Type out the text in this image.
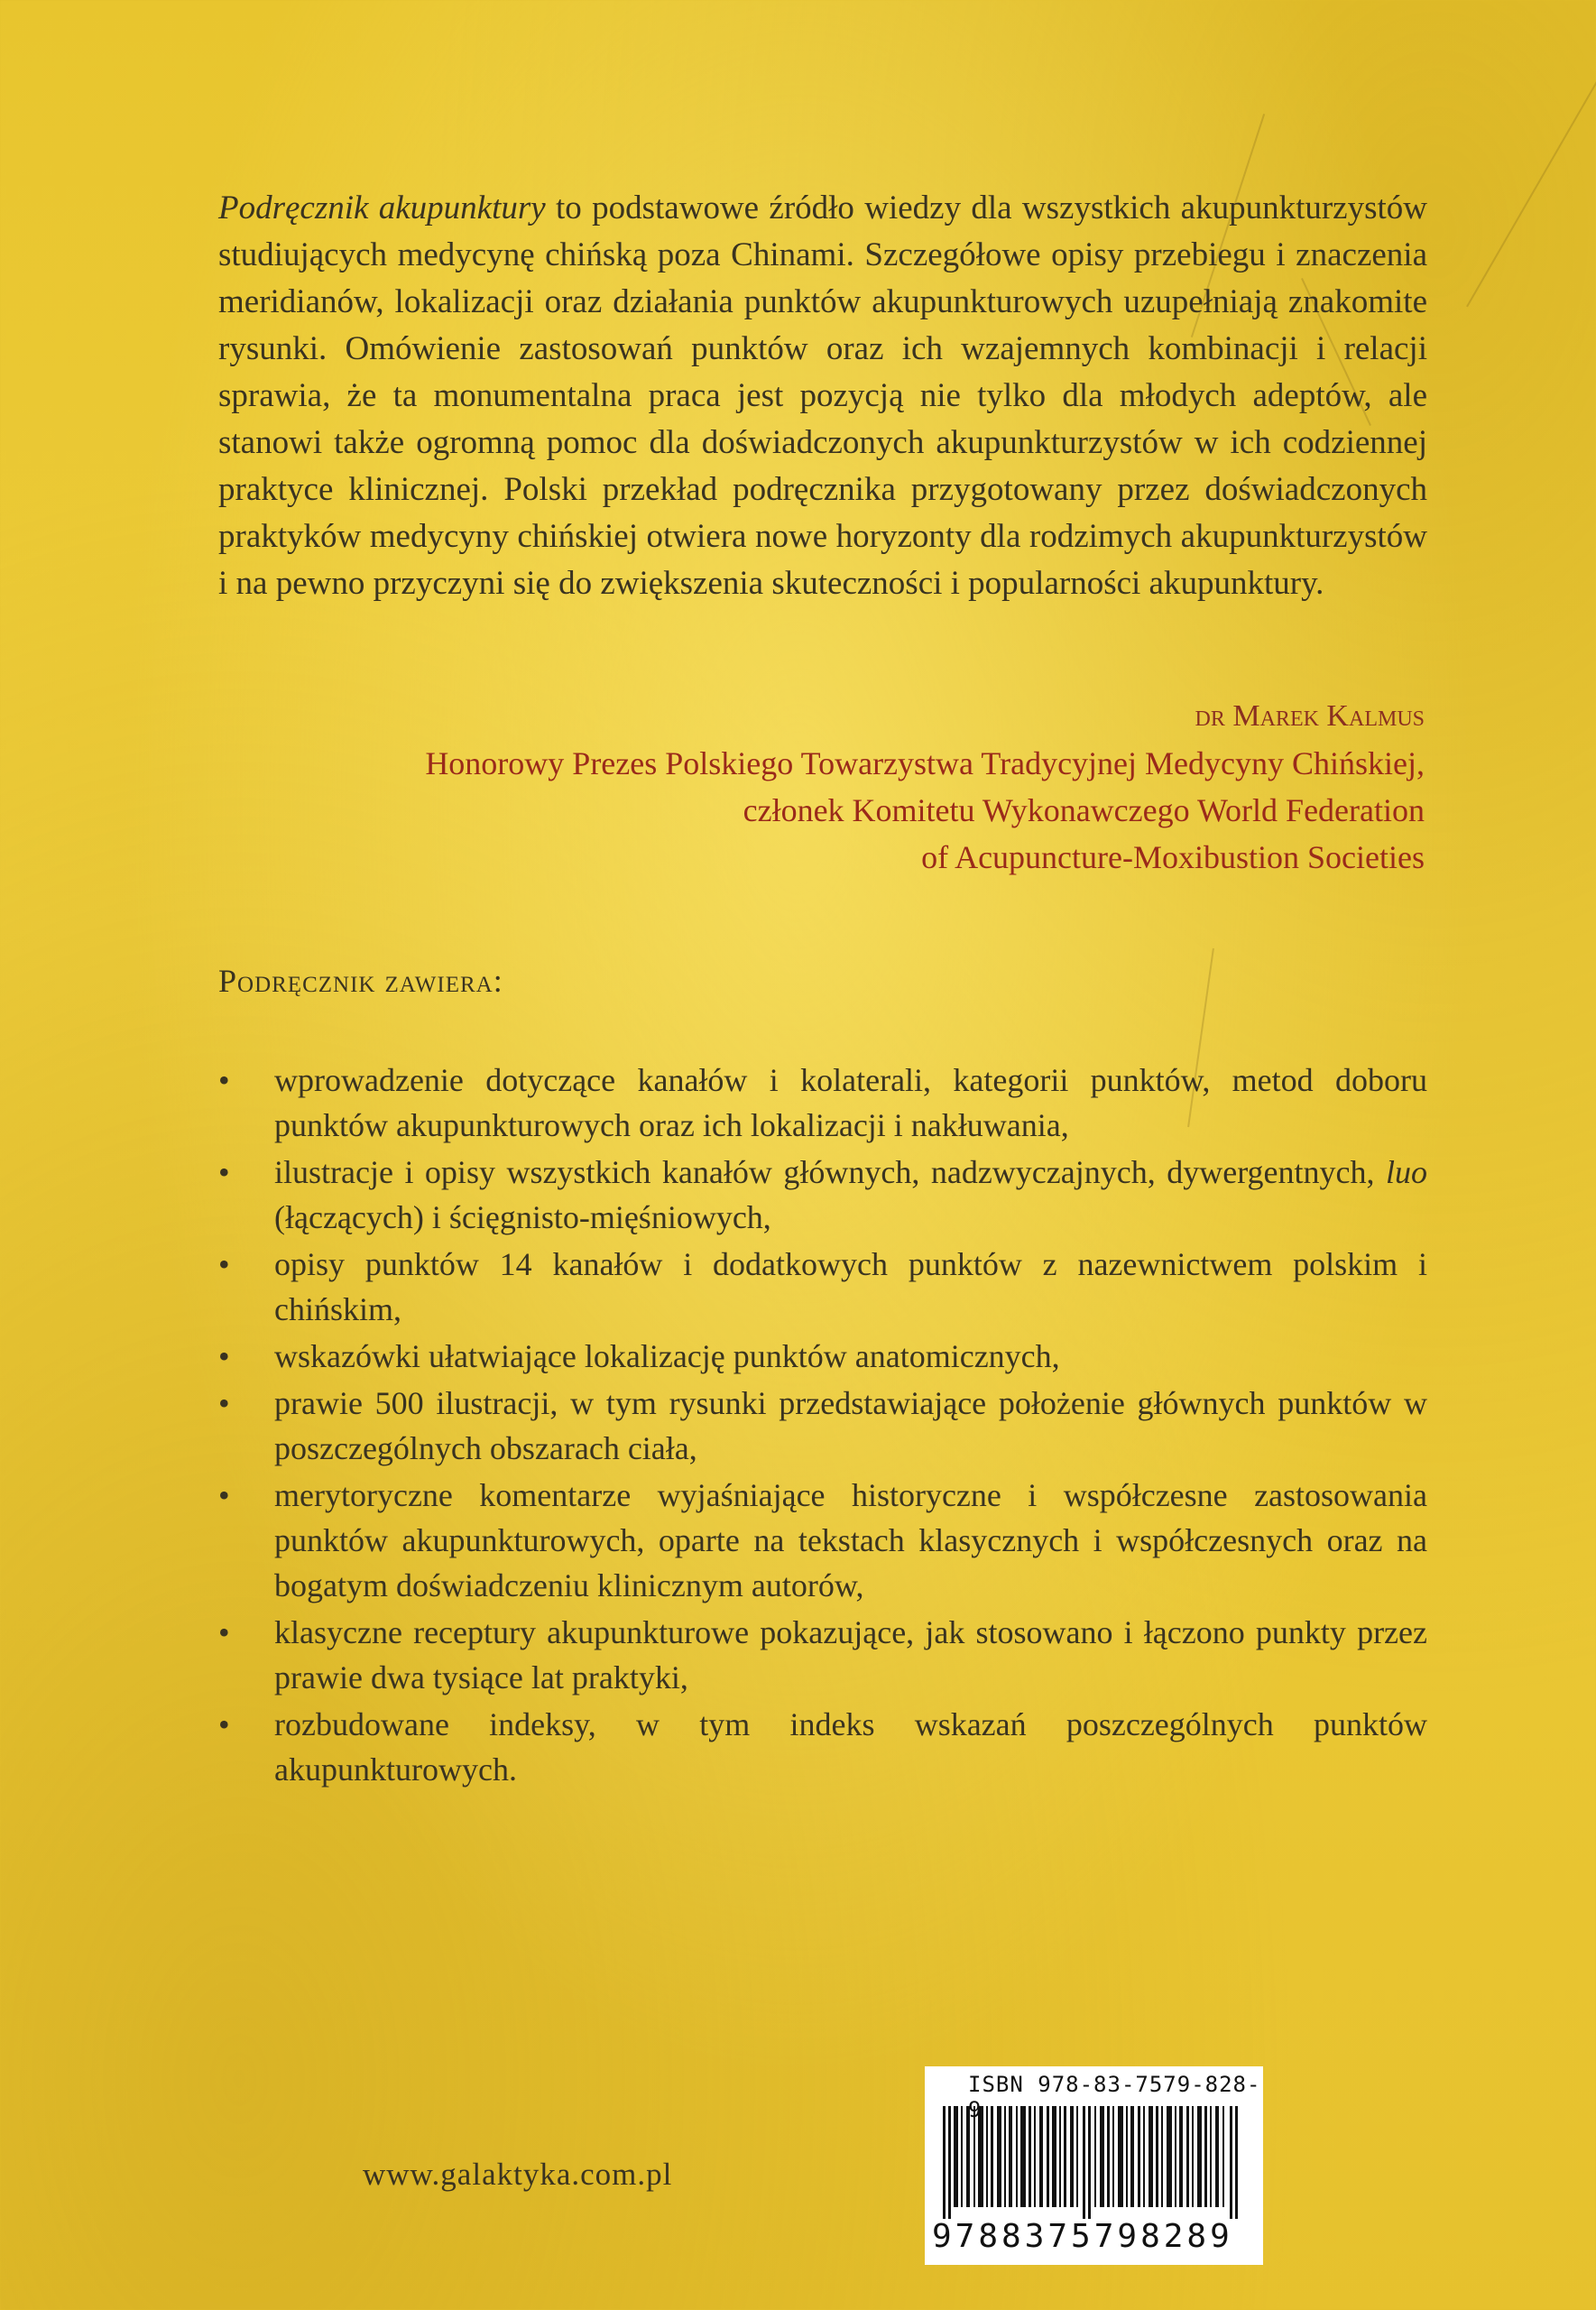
Podręcznik akupunktury to podstawowe źródło wiedzy dla wszystkich akupunkturzystów studiujących medycynę chińską poza Chinami. Szczegółowe opisy przebiegu i znaczenia meridianów, lokalizacji oraz działania punktów akupunkturowych uzupełniają znakomite rysunki. Omówienie zastosowań punktów oraz ich wzajemnych kombinacji i relacji sprawia, że ta monumentalna praca jest pozycją nie tylko dla młodych adeptów, ale stanowi także ogromną pomoc dla doświadczonych akupunkturzystów w ich codziennej praktyce klinicznej. Polski przekład podręcznika przygotowany przez doświadczonych praktyków medycyny chińskiej otwiera nowe horyzonty dla rodzimych akupunkturzystów i na pewno przyczyni się do zwiększenia skuteczności i popularności akupunktury.
dr Marek Kalmus
Honorowy Prezes Polskiego Towarzystwa Tradycyjnej Medycyny Chińskiej,
członek Komitetu Wykonawczego World Federation
of Acupuncture-Moxibustion Societies
Podręcznik zawiera:
• wprowadzenie dotyczące kanałów i kolaterali, kategorii punktów, metod doboru punktów akupunkturowych oraz ich lokalizacji i nakłuwania,
• ilustracje i opisy wszystkich kanałów głównych, nadzwyczajnych, dywergentnych, luo (łączących) i ścięgnisto-mięśniowych,
• opisy punktów 14 kanałów i dodatkowych punktów z nazewnictwem polskim i chińskim,
• wskazówki ułatwiające lokalizację punktów anatomicznych,
• prawie 500 ilustracji, w tym rysunki przedstawiające położenie głównych punktów w poszczególnych obszarach ciała,
• merytoryczne komentarze wyjaśniające historyczne i współczesne zastosowania punktów akupunkturowych, oparte na tekstach klasycznych i współczesnych oraz na bogatym doświadczeniu klinicznym autorów,
• klasyczne receptury akupunkturowe pokazujące, jak stosowano i łączono punkty przez prawie dwa tysiące lat praktyki,
• rozbudowane indeksy, w tym indeks wskazań poszczególnych punktów akupunkturowych.
www.galaktyka.com.pl
ISBN 978-83-7579-828-9
9788375798289
